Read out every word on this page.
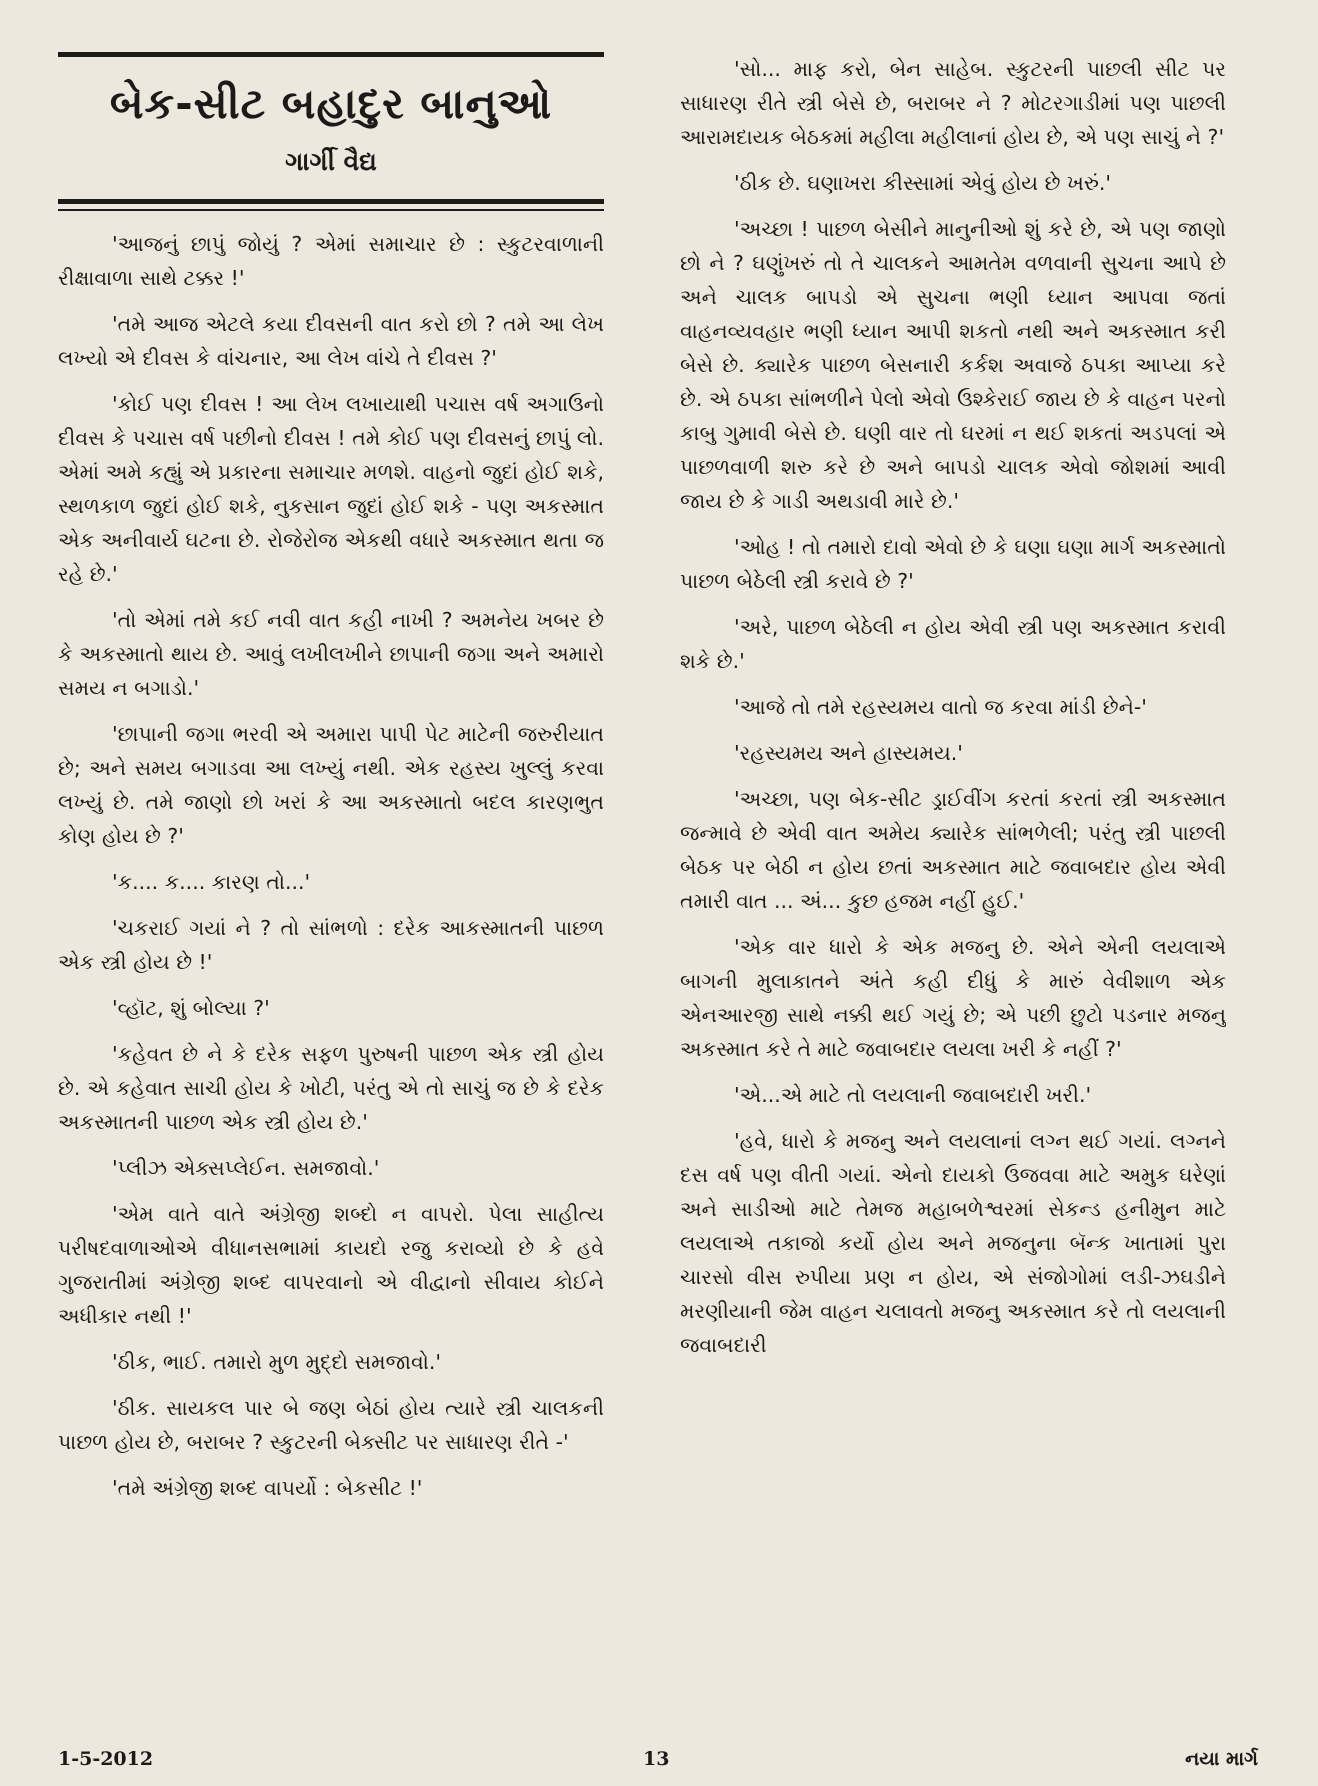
બેક-સીટ બહાદુર બાનુઓ
ગાર્ગી વૈદ્ય

'આજનું છાપું જોયું ? એમાં સમાચાર છે : સ્કુટરવાળાની રીક્ષાવાળા સાથે ટક્કર !'

'તમે આજ એટલે કયા દીવસની વાત કરો છો ? તમે આ લેખ લખ્યો એ દીવસ કે વાંચનાર, આ લેખ વાંચે તે દીવસ ?'

'કોઈ પણ દીવસ ! આ લેખ લખાયાથી પચાસ વર્ષ અગાઉનો દીવસ કે પચાસ વર્ષ પછીનો દીવસ ! તમે કોઈ પણ દીવસનું છાપું લો. એમાં અમે કહ્યું એ પ્રકારના સમાચાર મળશે. વાહનો જુદાં હોઈ શકે, સ્થળકાળ જુદાં હોઈ શકે, નુકસાન જુદાં હોઈ શકે - પણ અકસ્માત એક અનીવાર્ય ઘટના છે. રોજેરોજ એકથી વધારે અકસ્માત થતા જ રહે છે.'

'તો એમાં તમે કઈ નવી વાત કહી નાખી ? અમનેય ખબર છે કે અકસ્માતો થાય છે. આવું લખીલખીને છાપાની જગા અને અમારો સમય ન બગાડો.'

'છાપાની જગા ભરવી એ અમારા પાપી પેટ માટેની જરુરીયાત છે; અને સમય બગાડવા આ લખ્યું નથી. એક રહસ્ય ખુલ્લું કરવા લખ્યું છે. તમે જાણો છો ખરાં કે આ અકસ્માતો બદલ કારણભુત કોણ હોય છે ?'

'ક.... ક.... કારણ તો...'

'ચકરાઈ ગયાં ને ? તો સાંભળો : દરેક આકસ્માતની પાછળ એક સ્ત્રી હોય છે !'

'વ્હૉટ, શું બોલ્યા ?'

'કહેવત છે ને કે દરેક સફળ પુરુષની પાછળ એક સ્ત્રી હોય છે. એ કહેવાત સાચી હોય કે ખોટી, પરંતુ એ તો સાચું જ છે કે દરેક અકસ્માતની પાછળ એક સ્ત્રી હોય છે.'

'પ્લીઝ એક્સપ્લેઈન. સમજાવો.'

'એમ વાતે વાતે અંગ્રેજી શબ્દો ન વાપરો. પેલા સાહીત્ય પરીષદવાળાઓએ વીધાનસભામાં કાયદો રજુ કરાવ્યો છે કે હવે ગુજરાતીમાં અંગ્રેજી શબ્દ વાપરવાનો એ વીદ્વાનો સીવાય કોઈને અધીકાર નથી !'

'ઠીક, ભાઈ. તમારો મુળ મુદ્દો સમજાવો.'

'ઠીક. સાયકલ પાર બે જણ બેઠાં હોય ત્યારે સ્ત્રી ચાલકની પાછળ હોય છે, બરાબર ? સ્કુટરની બેક્સીટ પર સાધારણ રીતે -'

'તમે અંગ્રેજી શબ્દ વાપર્યો : બેકસીટ !'

'સો... માફ કરો, બેન સાહેબ. સ્કુટરની પાછલી સીટ પર સાધારણ રીતે સ્ત્રી બેસે છે, બરાબર ને ? મોટરગાડીમાં પણ પાછલી આરામદાયક બેઠકમાં મહીલા મહીલાનાં હોય છે, એ પણ સાચું ને ?'

'ઠીક છે. ઘણાખરા કીસ્સામાં એવું હોય છે ખરું.'

'અચ્છા ! પાછળ બેસીને માનુનીઓ શું કરે છે, એ પણ જાણો છો ને ? ઘણુંખરું તો તે ચાલકને આમતેમ વળવાની સુચના આપે છે અને ચાલક બાપડો એ સુચના ભણી ધ્યાન આપવા જતાં વાહનવ્યવહાર ભણી ધ્યાન આપી શકતો નથી અને અકસ્માત કરી બેસે છે. ક્યારેક પાછળ બેસનારી કર્કશ અવાજે ઠપકા આપ્યા કરે છે. એ ઠપકા સાંભળીને પેલો એવો ઉશ્કેરાઈ જાય છે કે વાહન પરનો કાબુ ગુમાવી બેસે છે. ઘણી વાર તો ઘરમાં ન થઈ શકતાં અડપલાં એ પાછળવાળી શરુ કરે છે અને બાપડો ચાલક એવો જોશમાં આવી જાય છે કે ગાડી અથડાવી મારે છે.'

'ઓહ ! તો તમારો દાવો એવો છે કે ઘણા ઘણા માર્ગ અકસ્માતો પાછળ બેઠેલી સ્ત્રી કરાવે છે ?'

'અરે, પાછળ બેઠેલી ન હોય એવી સ્ત્રી પણ અકસ્માત કરાવી શકે છે.'

'આજે તો તમે રહસ્યમય વાતો જ કરવા માંડી છેને-'

'રહસ્યમય અને હાસ્યમય.'

'અચ્છા, પણ બેક-સીટ ડ્રાઈવીંગ કરતાં કરતાં સ્ત્રી અકસ્માત જન્માવે છે એવી વાત અમેય ક્યારેક સાંભળેલી; પરંતુ સ્ત્રી પાછલી બેઠક પર બેઠી ન હોય છતાં અકસ્માત માટે જવાબદાર હોય એવી તમારી વાત ... અં... કુછ હજમ નહીં હુઈ.'

'એક વાર ધારો કે એક મજનુ છે. એને એની લયલાએ બાગની મુલાકાતને અંતે કહી દીધું કે મારું વેવીશાળ એક એનઆરજી સાથે નક્કી થઈ ગયું છે; એ પછી છુટો પડનાર મજનુ અકસ્માત કરે તે માટે જવાબદાર લયલા ખરી કે નહીં ?'

'એ...એ માટે તો લયલાની જવાબદારી ખરી.'

'હવે, ધારો કે મજનુ અને લયલાનાં લગ્ન થઈ ગયાં. લગ્નને દસ વર્ષ પણ વીતી ગયાં. એનો દાયકો ઉજવવા માટે અમુક ઘરેણાં અને સાડીઓ માટે તેમજ મહાબળેશ્વરમાં સેકન્ડ હનીમુન માટે લયલાએ તકાજો કર્યો હોય અને મજનુના બૅન્ક ખાતામાં પુરા ચારસો વીસ રુપીયા પ્રણ ન હોય, એ સંજોગોમાં લડી-ઝઘડીને મરણીયાની જેમ વાહન ચલાવતો મજનુ અકસ્માત કરે તો લયલાની જવાબદારી

1-5-2012	13	નયા માર્ગ
